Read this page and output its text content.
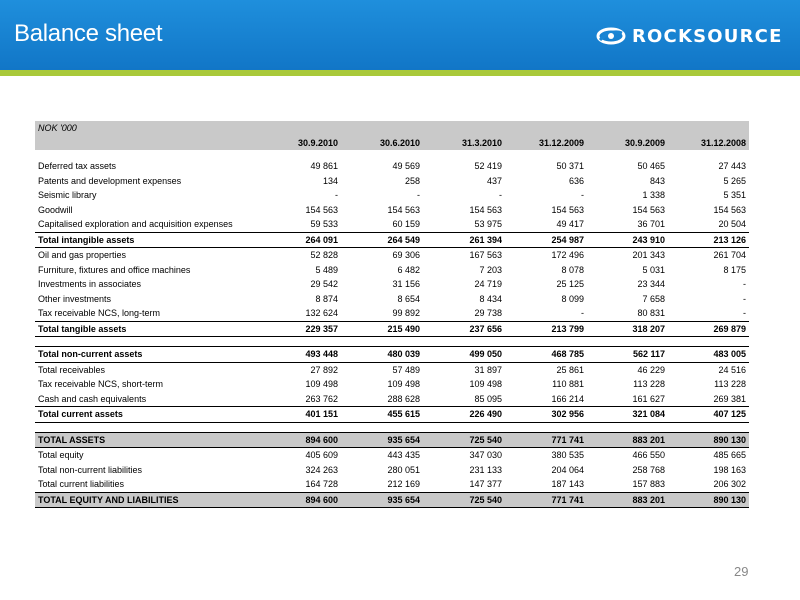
Balance sheet	ROCKSOURCE
NOK '000						
	30.9.2010	30.6.2010	31.3.2010	31.12.2009	30.9.2009	31.12.2008

Deferred tax assets	49 861	49 569	52 419	50 371	50 465	27 443
Patents and development expenses	134	258	437	636	843	5 265
Seismic library	-	-	-	-	1 338	5 351
Goodwill	154 563	154 563	154 563	154 563	154 563	154 563
Capitalised exploration and acquisition expenses	59 533	60 159	53 975	49 417	36 701	20 504
Total intangible assets	264 091	264 549	261 394	254 987	243 910	213 126
Oil and gas properties	52 828	69 306	167 563	172 496	201 343	261 704
Furniture, fixtures and office machines	5 489	6 482	7 203	8 078	5 031	8 175
Investments in associates	29 542	31 156	24 719	25 125	23 344	-
Other investments	8 874	8 654	8 434	8 099	7 658	-
Tax receivable NCS, long-term	132 624	99 892	29 738	-	80 831	-
Total tangible assets	229 357	215 490	237 656	213 799	318 207	269 879

Total non-current assets	493 448	480 039	499 050	468 785	562 117	483 005
Total receivables	27 892	57 489	31 897	25 861	46 229	24 516
Tax receivable NCS, short-term	109 498	109 498	109 498	110 881	113 228	113 228
Cash and cash equivalents	263 762	288 628	85 095	166 214	161 627	269 381
Total current assets	401 151	455 615	226 490	302 956	321 084	407 125

TOTAL ASSETS	894 600	935 654	725 540	771 741	883 201	890 130
Total equity	405 609	443 435	347 030	380 535	466 550	485 665
Total non-current liabilities	324 263	280 051	231 133	204 064	258 768	198 163
Total current liabilities	164 728	212 169	147 377	187 143	157 883	206 302
TOTAL EQUITY AND LIABILITIES	894 600	935 654	725 540	771 741	883 201	890 130
29
